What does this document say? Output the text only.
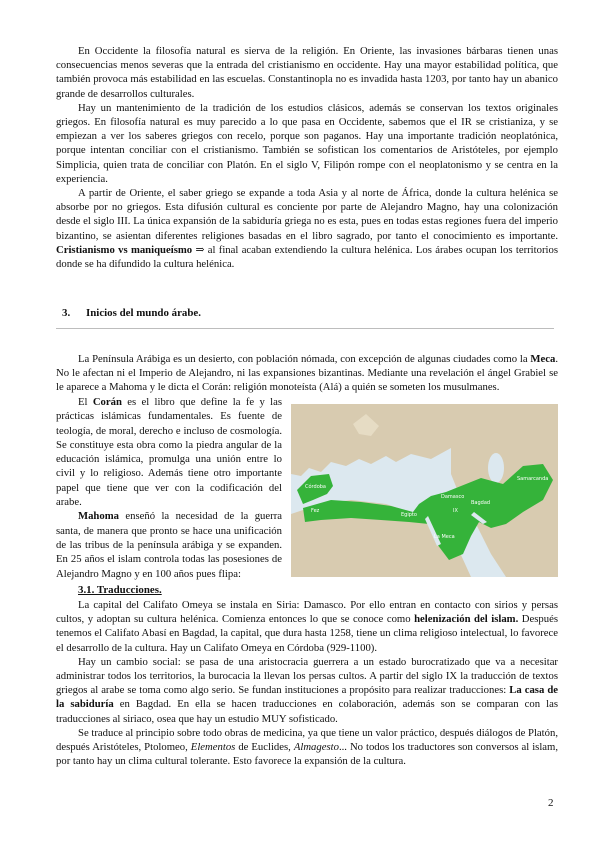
En Occidente la filosofía natural es sierva de la religión. En Oriente, las invasiones bárbaras tienen unas consecuencias menos severas que la entrada del cristianismo en occidente. Hay una mayor estabilidad política, que también provoca más estabilidad en las escuelas. Constantinopla no es invadida hasta 1203, por tanto hay un abanico grande de desarrollos culturales.

Hay un mantenimiento de la tradición de los estudios clásicos, además se conservan los textos originales griegos. En filosofía natural es muy parecido a lo que pasa en Occidente, sabemos que el IR se cristianiza, y se empiezan a ver los saberes griegos con recelo, porque son paganos. Hay una importante tradición neoplatónica, porque intentan conciliar con el cristianismo. También se sofistican los comentarios de Aristóteles, por ejemplo Simplicia, quien trata de conciliar con Platón. En el siglo V, Filipón rompe con el neoplatonismo y se centra en la experiencia.

A partir de Oriente, el saber griego se expande a toda Asia y al norte de África, donde la cultura helénica se absorbe por no griegos. Esta difusión cultural es conciente por parte de Alejandro Magno, hay una colonización desde el siglo III. La única expansión de la sabiduría griega no es esta, pues en todas estas regiones fuera del imperio bizantino, se asientan diferentes religiones basadas en el libro sagrado, por tanto el conocimiento es importante. Cristianismo vs maniqueísmo ⇒ al final acaban extendiendo la cultura helénica. Los árabes ocupan los territorios donde se ha difundido la cultura helénica.

3. Inicios del mundo árabe.

La Península Arábiga es un desierto, con población nómada, con excepción de algunas ciudades como la Meca. No le afectan ni el Imperio de Alejandro, ni las expansiones bizantinas. Mediante una revelación el ángel Grabiel se le aparece a Mahoma y le dicta el Corán: religión monoteísta (Alá) a quién se someten los musulmanes.

El Corán es el libro que define la fe y las prácticas islámicas fundamentales. Es fuente de teología, de moral, derecho e incluso de cosmología. Se constituye esta obra como la piedra angular de la educación islámica, promulga una unión entre lo civil y lo religioso. Además tiene otro importante papel que tiene que ver con la codificación del arabe.

Mahoma enseñó la necesidad de la guerra santa, de manera que pronto se hace una unificación de las tribus de la península arábiga y se expanden. En 25 años el islam controla todas las posesiones de Alejandro Magno y en 100 años pues flipa:

Córdoba
Bagdad
Damasco
La Meca
Fez
Egipto
IX
Samarcanda
3.1. Traducciones.

La capital del Califato Omeya se instala en Siria: Damasco. Por ello entran en contacto con sirios y persas cultos, y adoptan su cultura helénica. Comienza entonces lo que se conoce como helenización del islam. Después tenemos el Califato Abasí en Bagdad, la capital, que dura hasta 1258, tiene un clima religioso intelectual, lo favorece el desarrollo de la cultura. Hay un Califato Omeya en Córdoba (929-1100).

Hay un cambio social: se pasa de una aristocracia guerrera a un estado burocratizado que va a necesitar administrar todos los territorios, la burocacia la llevan los persas cultos. A partir del siglo IX la traducción de textos griegos al arabe se toma como algo serio. Se fundan instituciones a propósito para realizar traducciones: La casa de la sabiduría en Bagdad. En ella se hacen traducciones en colaboración, además son se comparan con las traducciones al siriaco, osea que hay un estudio MUY sofisticado.

Se traduce al principio sobre todo obras de medicina, ya que tiene un valor práctico, después diálogos de Platón, después Aristóteles, Ptolomeo, Elementos de Euclides, Almagesto... No todos los traductores son conversos al islam, por tanto hay un clima cultural tolerante. Esto favorece la expansión de la cultura.

2
